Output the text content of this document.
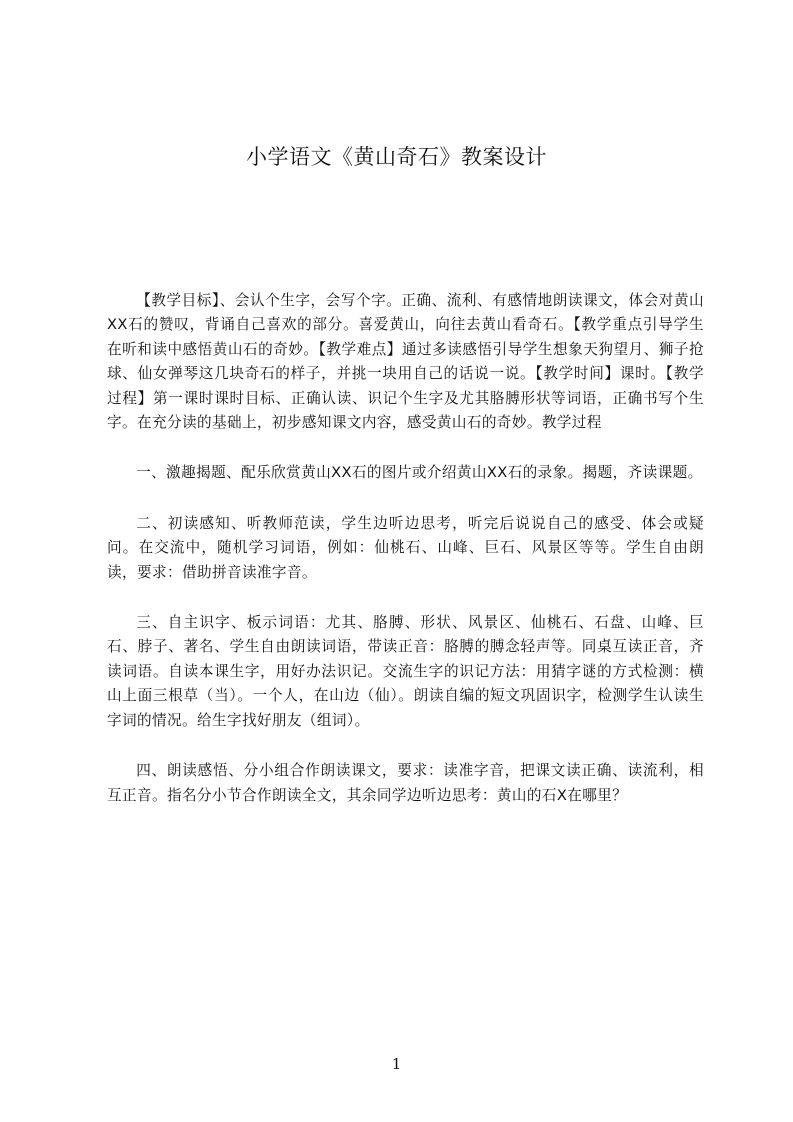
小学语文《黄山奇石》教案设计

【教学目标】、会认个生字，会写个字。正确、流利、有感情地朗读课文，体会对黄山XX石的赞叹，背诵自己喜欢的部分。喜爱黄山，向往去黄山看奇石。【教学重点引导学生在听和读中感悟黄山石的奇妙。【教学难点】通过多读感悟引导学生想象天狗望月、狮子抢球、仙女弹琴这几块奇石的样子，并挑一块用自己的话说一说。【教学时间】课时。【教学过程】第一课时课时目标、正确认读、识记个生字及尤其胳膊形状等词语，正确书写个生字。在充分读的基础上，初步感知课文内容，感受黄山石的奇妙。教学过程

一、激趣揭题、配乐欣赏黄山XX石的图片或介绍黄山XX石的录象。揭题，齐读课题。

二、初读感知、听教师范读，学生边听边思考，听完后说说自己的感受、体会或疑问。在交流中，随机学习词语，例如：仙桃石、山峰、巨石、风景区等等。学生自由朗读，要求：借助拼音读准字音。

三、自主识字、板示词语：尤其、胳膊、形状、风景区、仙桃石、石盘、山峰、巨石、脖子、著名、学生自由朗读词语，带读正音：胳膊的膊念轻声等。同桌互读正音，齐读词语。自读本课生字，用好办法识记。交流生字的识记方法：用猜字谜的方式检测：横山上面三根草（当）。一个人，在山边（仙）。朗读自编的短文巩固识字，检测学生认读生字词的情况。给生字找好朋友（组词）。

四、朗读感悟、分小组合作朗读课文，要求：读准字音，把课文读正确、读流利，相互正音。指名分小节合作朗读全文，其余同学边听边思考：黄山的石X在哪里？

1
